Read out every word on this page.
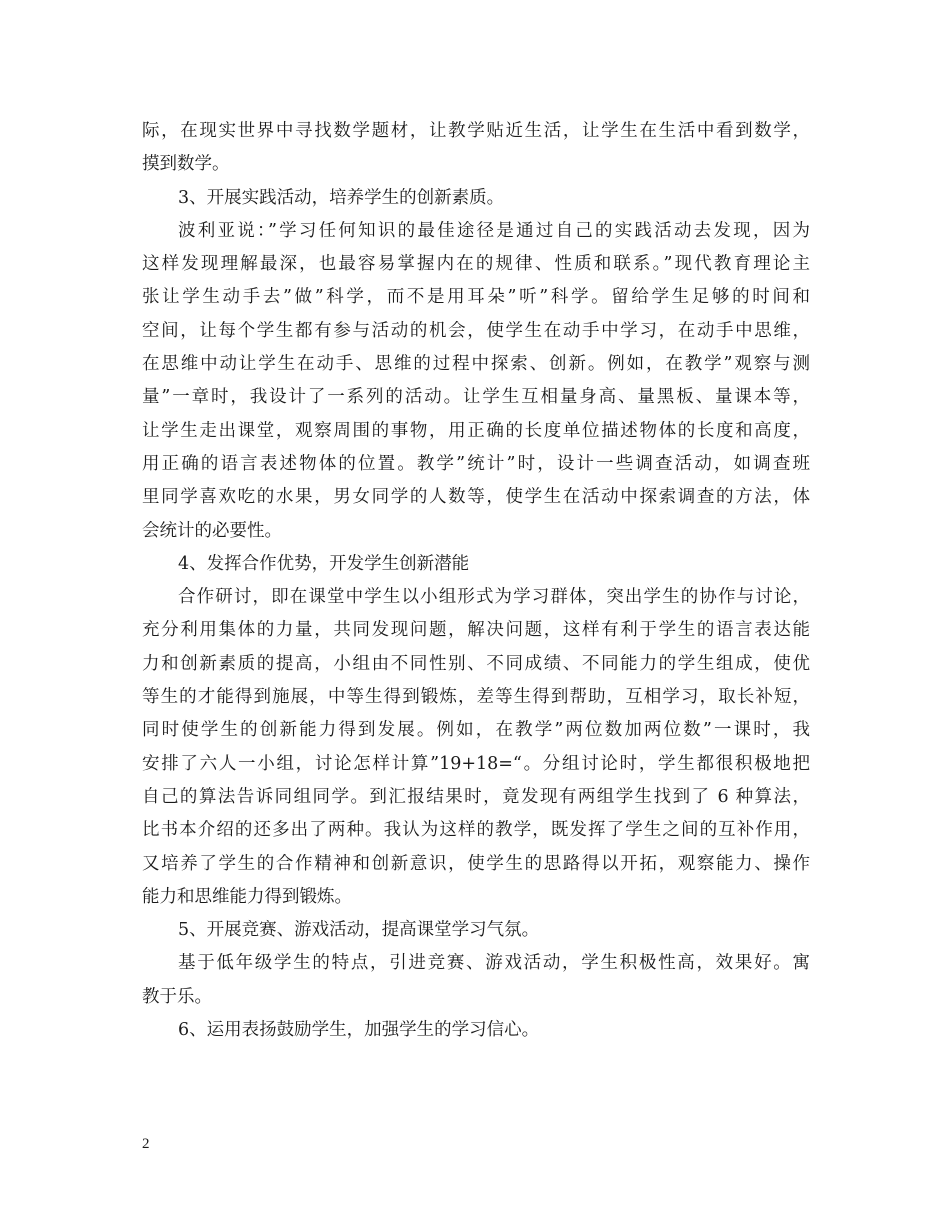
际，在现实世界中寻找数学题材，让教学贴近生活，让学生在生活中看到数学，
摸到数学。
3、开展实践活动，培养学生的创新素质。
波利亚说：”学习任何知识的最佳途径是通过自己的实践活动去发现，因为
这样发现理解最深，也最容易掌握内在的规律、性质和联系。”现代教育理论主
张让学生动手去”做”科学，而不是用耳朵”听”科学。留给学生足够的时间和
空间，让每个学生都有参与活动的机会，使学生在动手中学习，在动手中思维，
在思维中动让学生在动手、思维的过程中探索、创新。例如，在教学”观察与测
量”一章时，我设计了一系列的活动。让学生互相量身高、量黑板、量课本等，
让学生走出课堂，观察周围的事物，用正确的长度单位描述物体的长度和高度，
用正确的语言表述物体的位置。教学”统计”时，设计一些调查活动，如调查班
里同学喜欢吃的水果，男女同学的人数等，使学生在活动中探索调查的方法，体
会统计的必要性。
4、发挥合作优势，开发学生创新潜能
合作研讨，即在课堂中学生以小组形式为学习群体，突出学生的协作与讨论，
充分利用集体的力量，共同发现问题，解决问题，这样有利于学生的语言表达能
力和创新素质的提高，小组由不同性别、不同成绩、不同能力的学生组成，使优
等生的才能得到施展，中等生得到锻炼，差等生得到帮助，互相学习，取长补短，
同时使学生的创新能力得到发展。例如，在教学”两位数加两位数”一课时，我
安排了六人一小组，讨论怎样计算”19+18=“。分组讨论时，学生都很积极地把
自己的算法告诉同组同学。到汇报结果时，竟发现有两组学生找到了 6 种算法，
比书本介绍的还多出了两种。我认为这样的教学，既发挥了学生之间的互补作用，
又培养了学生的合作精神和创新意识，使学生的思路得以开拓，观察能力、操作
能力和思维能力得到锻炼。
5、开展竞赛、游戏活动，提高课堂学习气氛。
基于低年级学生的特点，引进竞赛、游戏活动，学生积极性高，效果好。寓
教于乐。
6、运用表扬鼓励学生，加强学生的学习信心。
2
